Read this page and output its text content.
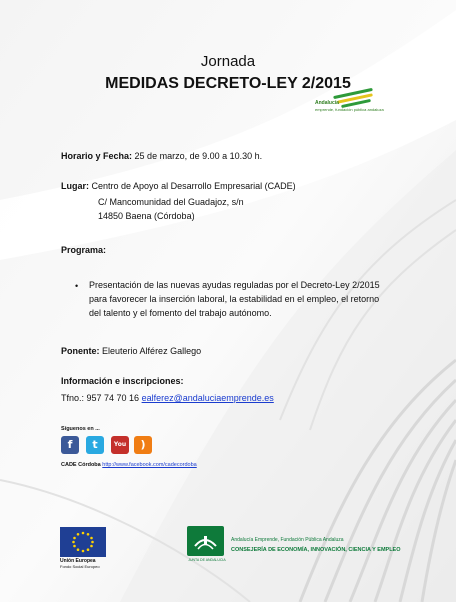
Jornada
MEDIDAS DECRETO-LEY 2/2015
Andalucía
emprende, fundación pública andaluza
Horario y Fecha: 25 de marzo, de 9.00 a 10.30 h.
Lugar: Centro de Apoyo al Desarrollo Empresarial (CADE)
C/ Mancomunidad del Guadajoz, s/n
14850 Baena (Córdoba)
Programa:
• Presentación de las nuevas ayudas reguladas por el Decreto-Ley 2/2015 para favorecer la inserción laboral, la estabilidad en el empleo, el retorno del talento y el fomento del trabajo autónomo.
Ponente: Eleuterio Alférez Gallego
Información e inscripciones:
Tfno.: 957 74 70 16 ealferez@andaluciaemprende.es
Síguenos en ...
f	t	You	)
CADE Córdoba http://www.facebook.com/cadecordoba
Unión Europea
Fondo Social Europeo
JUNTA DE ANDALUCIA
Andalucía Emprende, Fundación Pública Andaluza
CONSEJERÍA DE ECONOMÍA, INNOVACIÓN, CIENCIA Y EMPLEO
